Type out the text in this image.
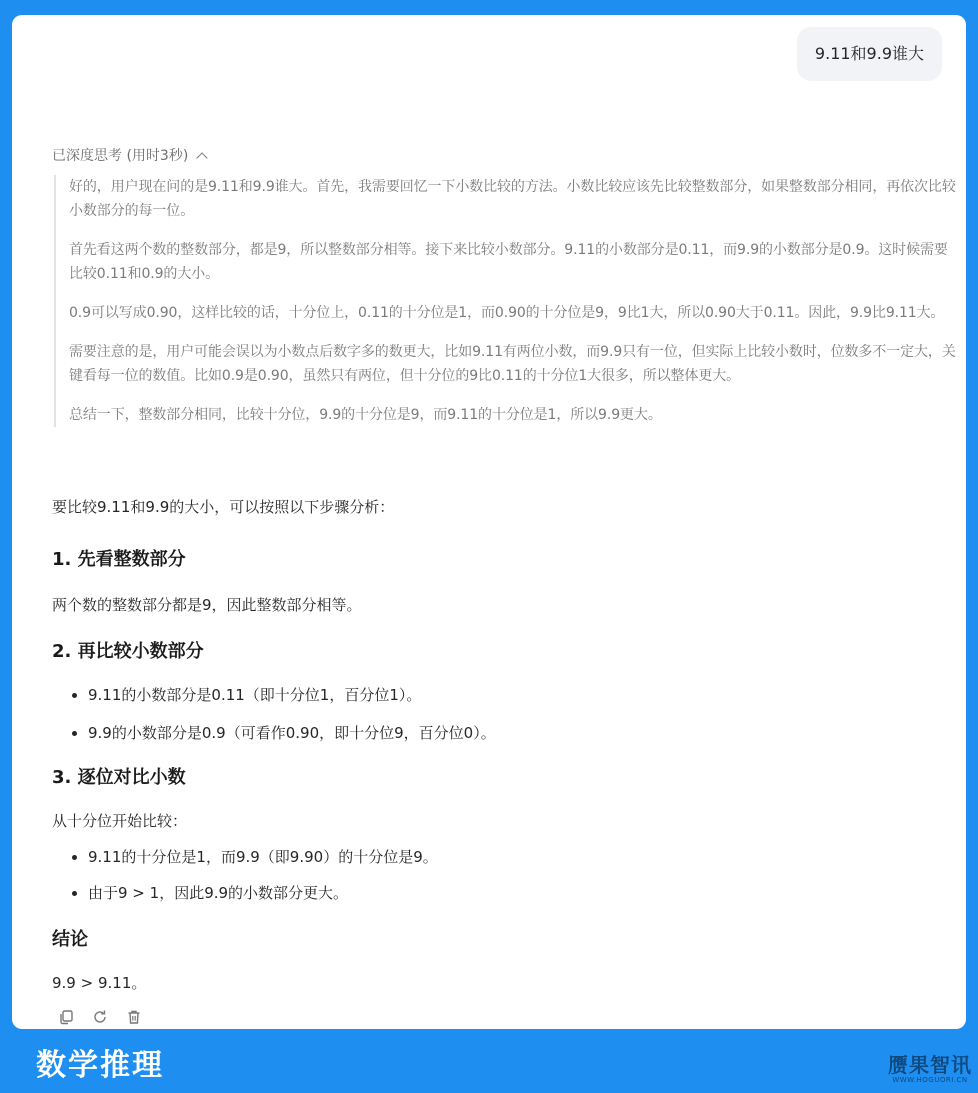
9.11和9.9谁大
已深度思考 (用时3秒)

好的，用户现在问的是9.11和9.9谁大。首先，我需要回忆一下小数比较的方法。小数比较应该先比较整数部分，如果整数部分相同，再依次比较小数部分的每一位。

首先看这两个数的整数部分，都是9，所以整数部分相等。接下来比较小数部分。9.11的小数部分是0.11，而9.9的小数部分是0.9。这时候需要比较0.11和0.9的大小。

0.9可以写成0.90，这样比较的话，十分位上，0.11的十分位是1，而0.90的十分位是9，9比1大，所以0.90大于0.11。因此，9.9比9.11大。

需要注意的是，用户可能会误以为小数点后数字多的数更大，比如9.11有两位小数，而9.9只有一位，但实际上比较小数时，位数多不一定大，关键看每一位的数值。比如0.9是0.90，虽然只有两位，但十分位的9比0.11的十分位1大很多，所以整体更大。

总结一下，整数部分相同，比较十分位，9.9的十分位是9，而9.11的十分位是1，所以9.9更大。

要比较9.11和9.9的大小，可以按照以下步骤分析：

1. 先看整数部分

两个数的整数部分都是9，因此整数部分相等。

2. 再比较小数部分
• 9.11的小数部分是0.11（即十分位1，百分位1）。
• 9.9的小数部分是0.9（可看作0.90，即十分位9，百分位0）。
3. 逐位对比小数

从十分位开始比较：

• 9.11的十分位是1，而9.9（即9.90）的十分位是9。
• 由于9 > 1，因此9.9的小数部分更大。
结论

9.9 > 9.11。

数学推理	赝果智讯
WWW.HOGUORI.CN
